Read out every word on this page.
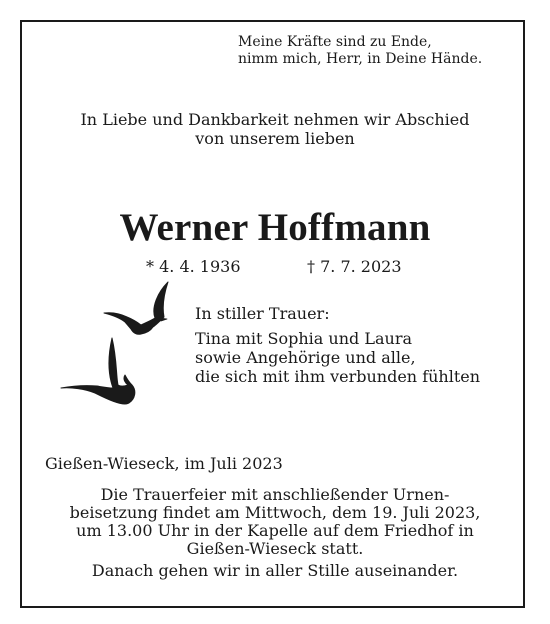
Meine Kräfte sind zu Ende,
nimm mich, Herr, in Deine Hände.
In Liebe und Dankbarkeit nehmen wir Abschied
von unserem lieben
Werner Hoffmann
* 4. 4. 1936	† 7. 7. 2023
In stiller Trauer:
Tina mit Sophia und Laura
sowie Angehörige und alle,
die sich mit ihm verbunden fühlten
Gießen-Wieseck, im Juli 2023
Die Trauerfeier mit anschließender Urnen-
beisetzung findet am Mittwoch, dem 19. Juli 2023,
um 13.00 Uhr in der Kapelle auf dem Friedhof in
Gießen-Wieseck statt.
Danach gehen wir in aller Stille auseinander.
